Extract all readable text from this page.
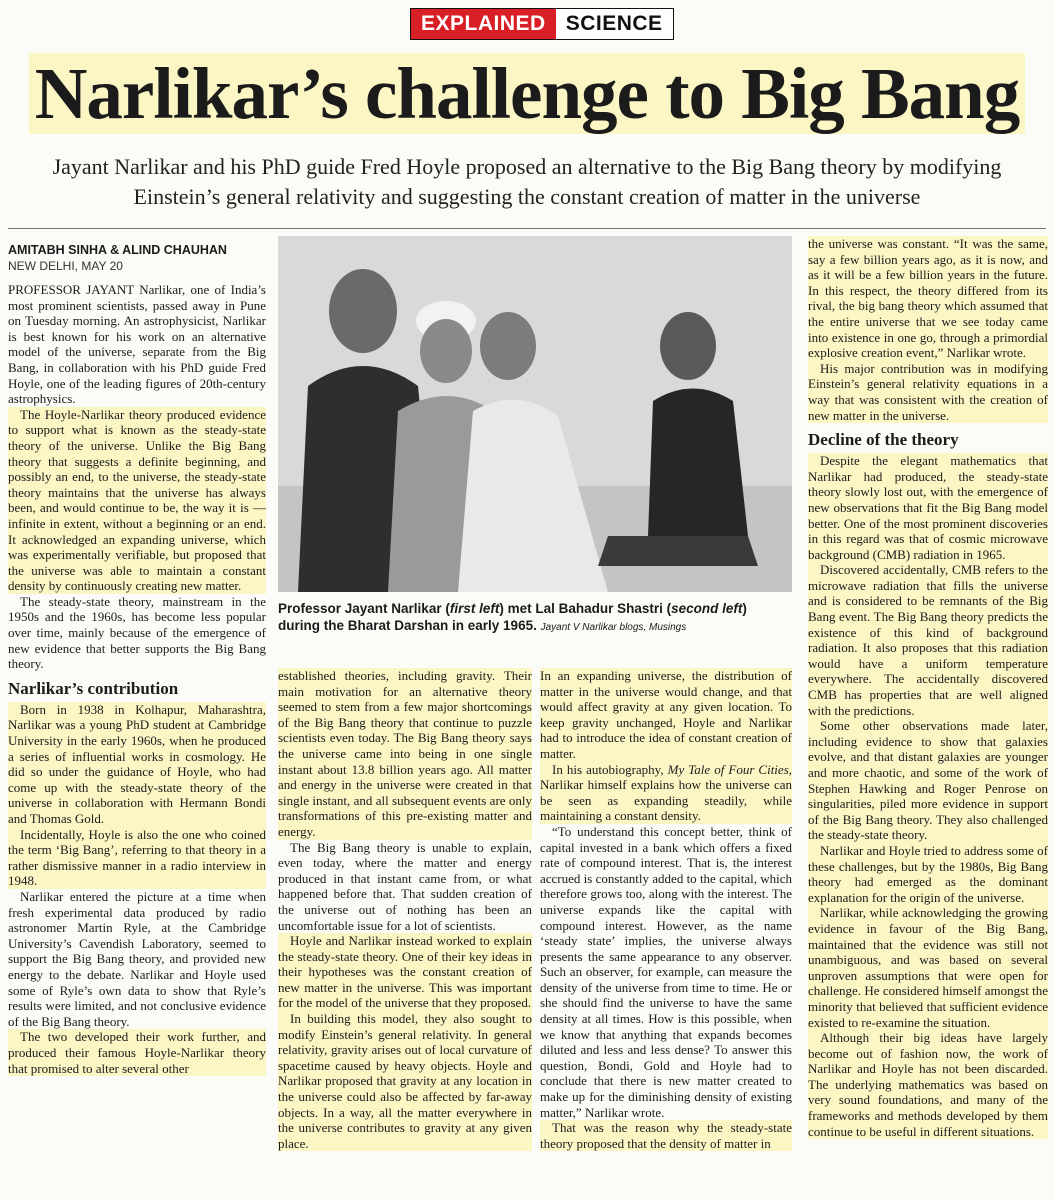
EXPLAINED SCIENCE
Narlikar’s challenge to Big Bang

Jayant Narlikar and his PhD guide Fred Hoyle proposed an alternative to the Big Bang theory by modifying Einstein’s general relativity and suggesting the constant creation of matter in the universe

AMITABH SINHA & ALIND CHAUHAN
NEW DELHI, MAY 20

PROFESSOR JAYANT Narlikar, one of India’s most prominent scientists, passed away in Pune on Tuesday morning. An astrophysicist, Narlikar is best known for his work on an alternative model of the universe, separate from the Big Bang, in collaboration with his PhD guide Fred Hoyle, one of the leading figures of 20th-century astrophysics.

The Hoyle-Narlikar theory produced evidence to support what is known as the steady-state theory of the universe. Unlike the Big Bang theory that suggests a definite beginning, and possibly an end, to the universe, the steady-state theory maintains that the universe has always been, and would continue to be, the way it is — infinite in extent, without a beginning or an end. It acknowledged an expanding universe, which was experimentally verifiable, but proposed that the universe was able to maintain a constant density by continuously creating new matter.

The steady-state theory, mainstream in the 1950s and the 1960s, has become less popular over time, mainly because of the emergence of new evidence that better supports the Big Bang theory.

Narlikar’s contribution

Born in 1938 in Kolhapur, Maharashtra, Narlikar was a young PhD student at Cambridge University in the early 1960s, when he produced a series of influential works in cosmology. He did so under the guidance of Hoyle, who had come up with the steady-state theory of the universe in collaboration with Hermann Bondi and Thomas Gold.

Incidentally, Hoyle is also the one who coined the term ‘Big Bang’, referring to that theory in a rather dismissive manner in a radio interview in 1948.

Narlikar entered the picture at a time when fresh experimental data produced by radio astronomer Martin Ryle, at the Cambridge University’s Cavendish Laboratory, seemed to support the Big Bang theory, and provided new energy to the debate. Narlikar and Hoyle used some of Ryle’s own data to show that Ryle’s results were limited, and not conclusive evidence of the Big Bang theory.

The two developed their work further, and produced their famous Hoyle-Narlikar theory that promised to alter several other

Professor Jayant Narlikar (first left) met Lal Bahadur Shastri (second left) during the Bharat Darshan in early 1965. Jayant V Narlikar blogs, Musings

established theories, including gravity. Their main motivation for an alternative theory seemed to stem from a few major shortcomings of the Big Bang theory that continue to puzzle scientists even today. The Big Bang theory says the universe came into being in one single instant about 13.8 billion years ago. All matter and energy in the universe were created in that single instant, and all subsequent events are only transformations of this pre-existing matter and energy.

The Big Bang theory is unable to explain, even today, where the matter and energy produced in that instant came from, or what happened before that. That sudden creation of the universe out of nothing has been an uncomfortable issue for a lot of scientists.

Hoyle and Narlikar instead worked to explain the steady-state theory. One of their key ideas in their hypotheses was the constant creation of new matter in the universe. This was important for the model of the universe that they proposed.

In building this model, they also sought to modify Einstein’s general relativity. In general relativity, gravity arises out of local curvature of spacetime caused by heavy objects. Hoyle and Narlikar proposed that gravity at any location in the universe could also be affected by far-away objects. In a way, all the matter everywhere in the universe contributes to gravity at any given place.

In an expanding universe, the distribution of matter in the universe would change, and that would affect gravity at any given location. To keep gravity unchanged, Hoyle and Narlikar had to introduce the idea of constant creation of matter.

In his autobiography, My Tale of Four Cities, Narlikar himself explains how the universe can be seen as expanding steadily, while maintaining a constant density.

“To understand this concept better, think of capital invested in a bank which offers a fixed rate of compound interest. That is, the interest accrued is constantly added to the capital, which therefore grows too, along with the interest. The universe expands like the capital with compound interest. However, as the name ‘steady state’ implies, the universe always presents the same appearance to any observer. Such an observer, for example, can measure the density of the universe from time to time. He or she should find the universe to have the same density at all times. How is this possible, when we know that anything that expands becomes diluted and less and less dense? To answer this question, Bondi, Gold and Hoyle had to conclude that there is new matter created to make up for the diminishing density of existing matter,” Narlikar wrote.

That was the reason why the steady-state theory proposed that the density of matter in

the universe was constant. “It was the same, say a few billion years ago, as it is now, and as it will be a few billion years in the future. In this respect, the theory differed from its rival, the big bang theory which assumed that the entire universe that we see today came into existence in one go, through a primordial explosive creation event,” Narlikar wrote.

His major contribution was in modifying Einstein’s general relativity equations in a way that was consistent with the creation of new matter in the universe.

Decline of the theory

Despite the elegant mathematics that Narlikar had produced, the steady-state theory slowly lost out, with the emergence of new observations that fit the Big Bang model better. One of the most prominent discoveries in this regard was that of cosmic microwave background (CMB) radiation in 1965.

Discovered accidentally, CMB refers to the microwave radiation that fills the universe and is considered to be remnants of the Big Bang event. The Big Bang theory predicts the existence of this kind of background radiation. It also proposes that this radiation would have a uniform temperature everywhere. The accidentally discovered CMB has properties that are well aligned with the predictions.

Some other observations made later, including evidence to show that galaxies evolve, and that distant galaxies are younger and more chaotic, and some of the work of Stephen Hawking and Roger Penrose on singularities, piled more evidence in support of the Big Bang theory. They also challenged the steady-state theory.

Narlikar and Hoyle tried to address some of these challenges, but by the 1980s, Big Bang theory had emerged as the dominant explanation for the origin of the universe.

Narlikar, while acknowledging the growing evidence in favour of the Big Bang, maintained that the evidence was still not unambiguous, and was based on several unproven assumptions that were open for challenge. He considered himself amongst the minority that believed that sufficient evidence existed to re-examine the situation.

Although their big ideas have largely become out of fashion now, the work of Narlikar and Hoyle has not been discarded. The underlying mathematics was based on very sound foundations, and many of the frameworks and methods developed by them continue to be useful in different situations.
